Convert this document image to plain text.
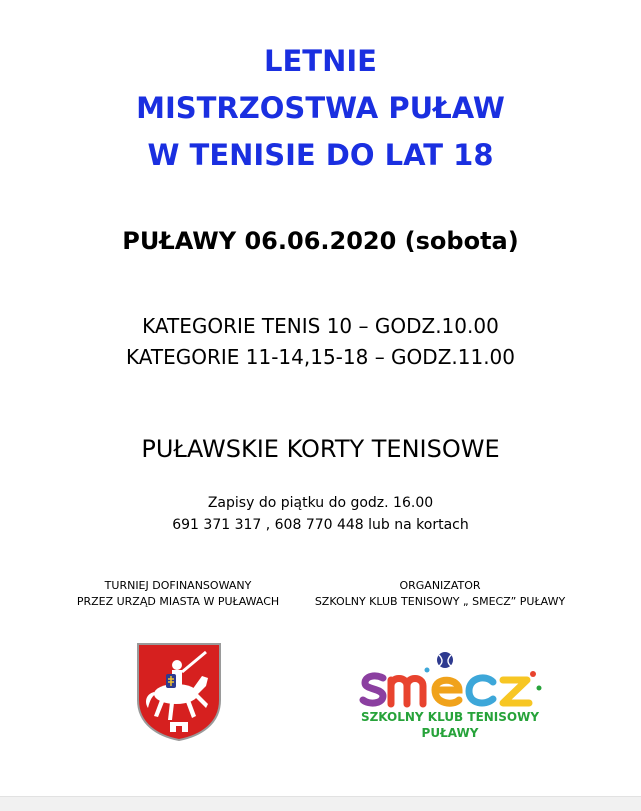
LETNIE
MISTRZOSTWA PUŁAW
W TENISIE DO LAT 18
PUŁAWY 06.06.2020 (sobota)
KATEGORIE TENIS 10 – GODZ.10.00
KATEGORIE 11-14,15-18 – GODZ.11.00
PUŁAWSKIE KORTY TENISOWE
Zapisy do piątku do godz. 16.00
691 371 317 , 608 770 448 lub na kortach
TURNIEJ DOFINANSOWANY
PRZEZ URZĄD MIASTA W PUŁAWACH
ORGANIZATOR
SZKOLNY KLUB TENISOWY „ SMECZ” PUŁAWY
SZKOLNY KLUB TENISOWY
PUŁAWY
